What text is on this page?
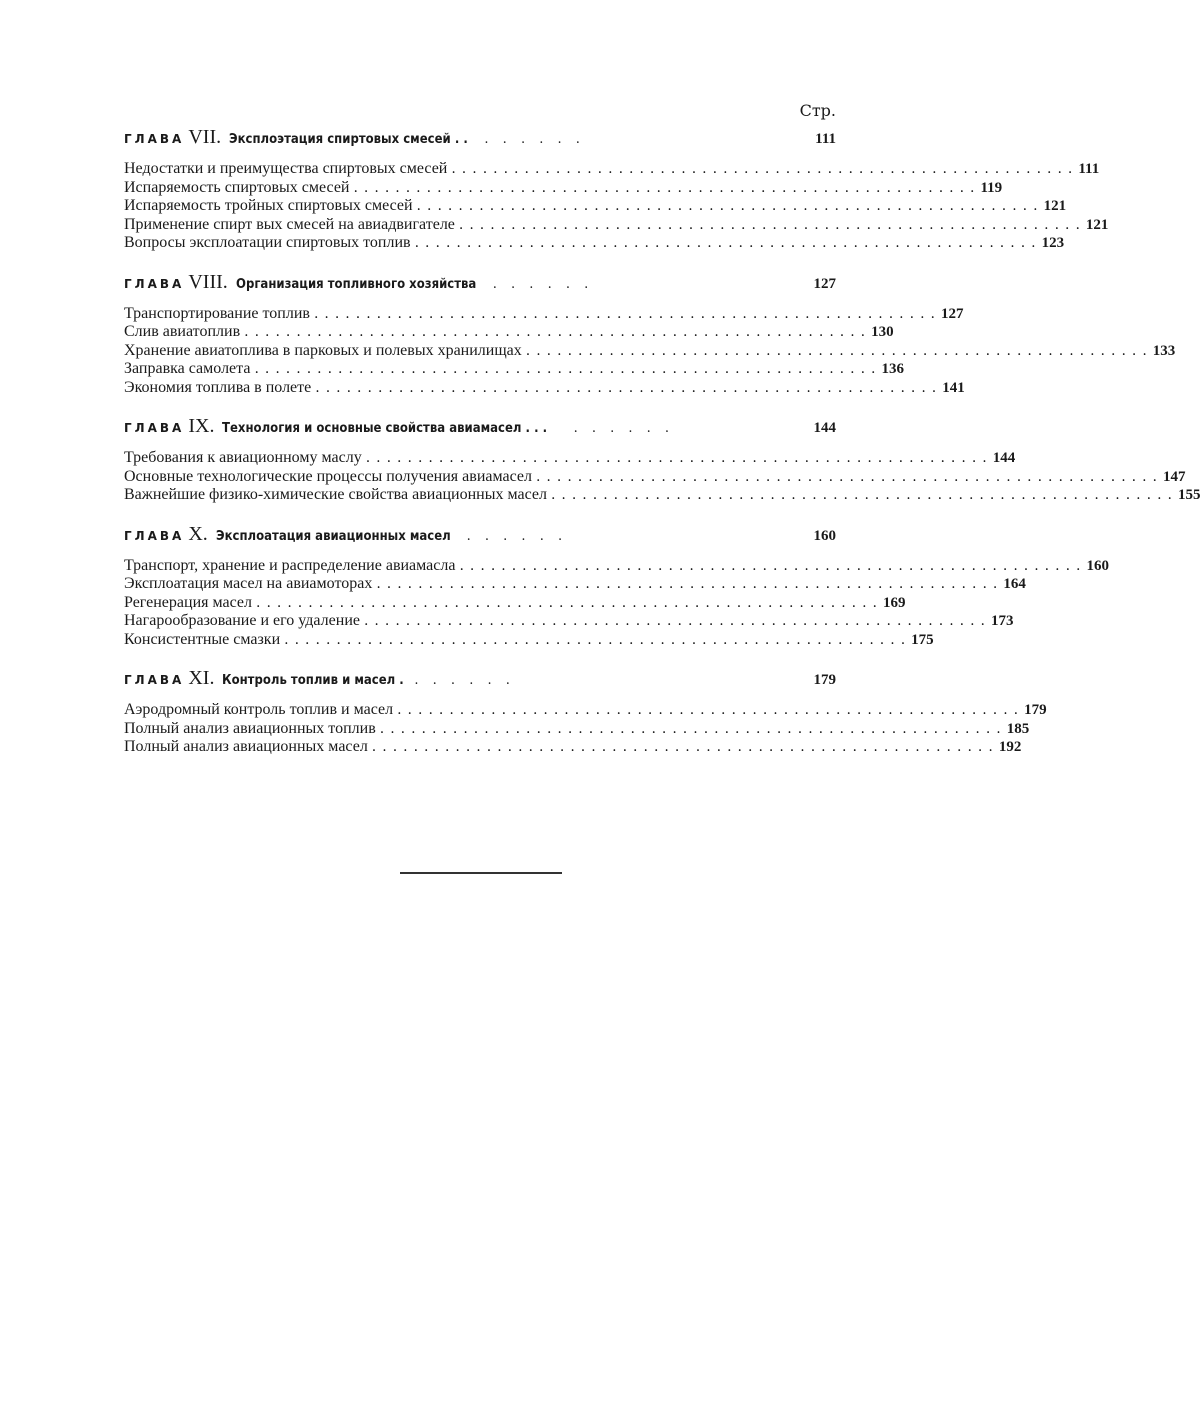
Стр.
ГЛАВА VII. Эксплоэтация спиртовых смесей . . . . . . . .	111
Недостатки и преимущества спиртовых смесей ............................................................ 111
Испаряемость спиртовых смесей ............................................................ 119
Испаряемость тройных спиртовых смесей ............................................................ 121
Применение спирт вых смесей на авиадвигателе ............................................................ 121
Вопросы эксплоатации спиртовых топлив ............................................................ 123
ГЛАВА VIII. Организация топливного хозяйства . . . . . .	127
Транспортирование топлив ............................................................ 127
Слив авиатоплив ............................................................ 130
Хранение авиатоплива в парковых и полевых хранилищах ............................................................ 133
Заправка самолета ............................................................ 136
Экономия топлива в полете ............................................................ 141
ГЛАВА IX. Технология и основные свойства авиамасел . . . . . . . . .	144
Требования к авиационному маслу ............................................................ 144
Основные технологические процессы получения авиамасел ............................................................ 147
Важнейшие физико-химические свойства авиационных масел ............................................................ 155
ГЛАВА X. Эксплоатация авиационных масел . . . . . .	160
Транспорт, хранение и распределение авиамасла ............................................................ 160
Эксплоатация масел на авиамоторах ............................................................ 164
Регенерация масел ............................................................ 169
Нагарообразование и его удаление ............................................................ 173
Консистентные смазки ............................................................ 175
ГЛАВА XI. Контроль топлив и масел . . . . . . .	179
Аэродромный контроль топлив и масел ............................................................ 179
Полный анализ авиационных топлив ............................................................ 185
Полный анализ авиационных масел ............................................................ 192
